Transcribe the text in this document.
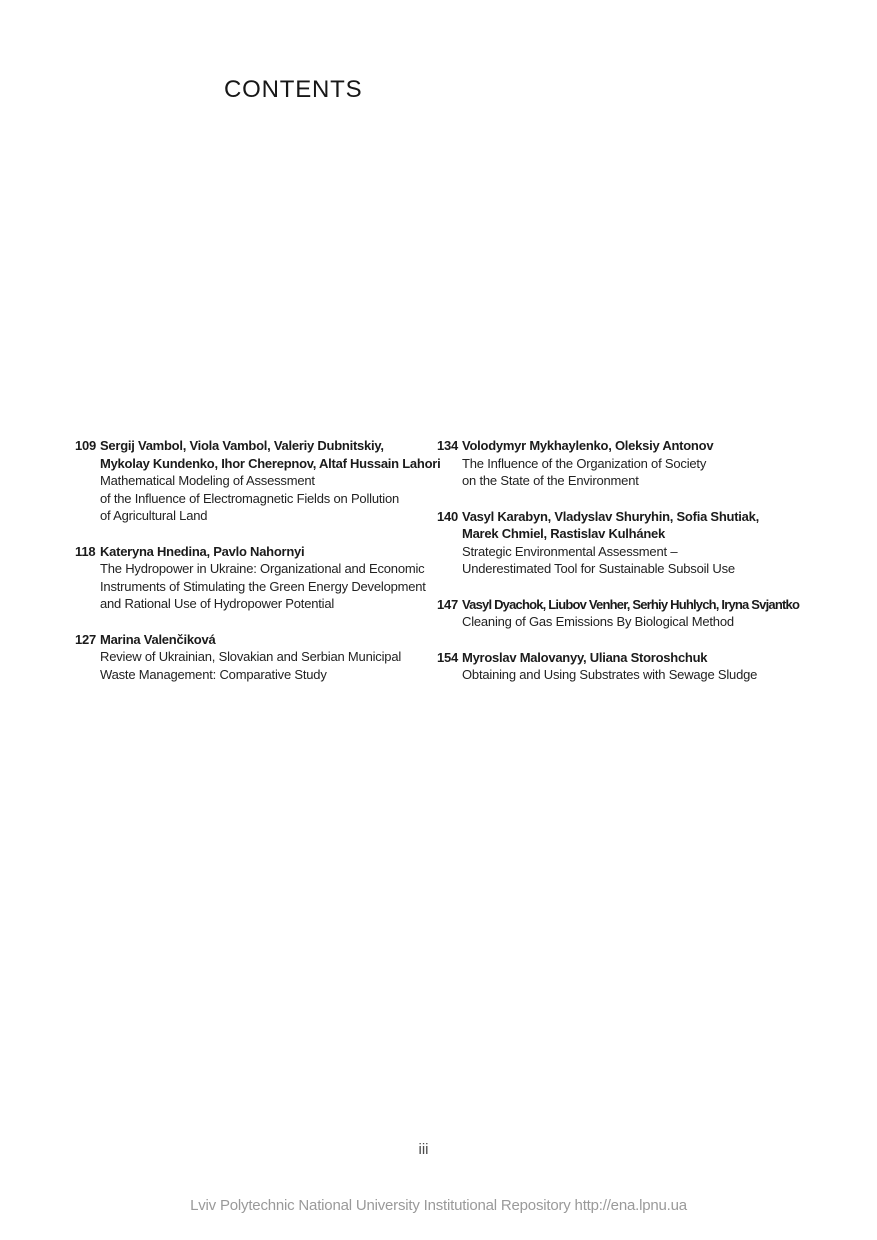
CONTENTS
109 Sergij Vambol, Viola Vambol, Valeriy Dubnitskiy,
Mykolay Kundenko, Ihor Cherepnov, Altaf Hussain Lahori
Mathematical Modeling of Assessment
of the Influence of Electromagnetic Fields on Pollution
of Agricultural Land
118 Kateryna Hnedina, Pavlo Nahornyi
The Hydropower in Ukraine: Organizational and Economic
Instruments of Stimulating the Green Energy Development
and Rational Use of Hydropower Potential
127 Marina Valenčiková
Review of Ukrainian, Slovakian and Serbian Municipal
Waste Management: Comparative Study
134 Volodymyr Mykhaylenko, Oleksiy Antonov
The Influence of the Organization of Society
on the State of the Environment
140 Vasyl Karabyn, Vladyslav Shuryhin, Sofia Shutiak,
Marek Chmiel, Rastislav Kulhánek
Strategic Environmental Assessment –
Underestimated Tool for Sustainable Subsoil Use
147 Vasyl Dyachok, Liubov Venher, Serhiy Huhlych, Iryna Svjantko
Cleaning of Gas Emissions By Biological Method
154 Myroslav Malovanyy, Uliana Storoshchuk
Obtaining and Using Substrates with Sewage Sludge
iii
Lviv Polytechnic National University Institutional Repository http://ena.lpnu.ua
